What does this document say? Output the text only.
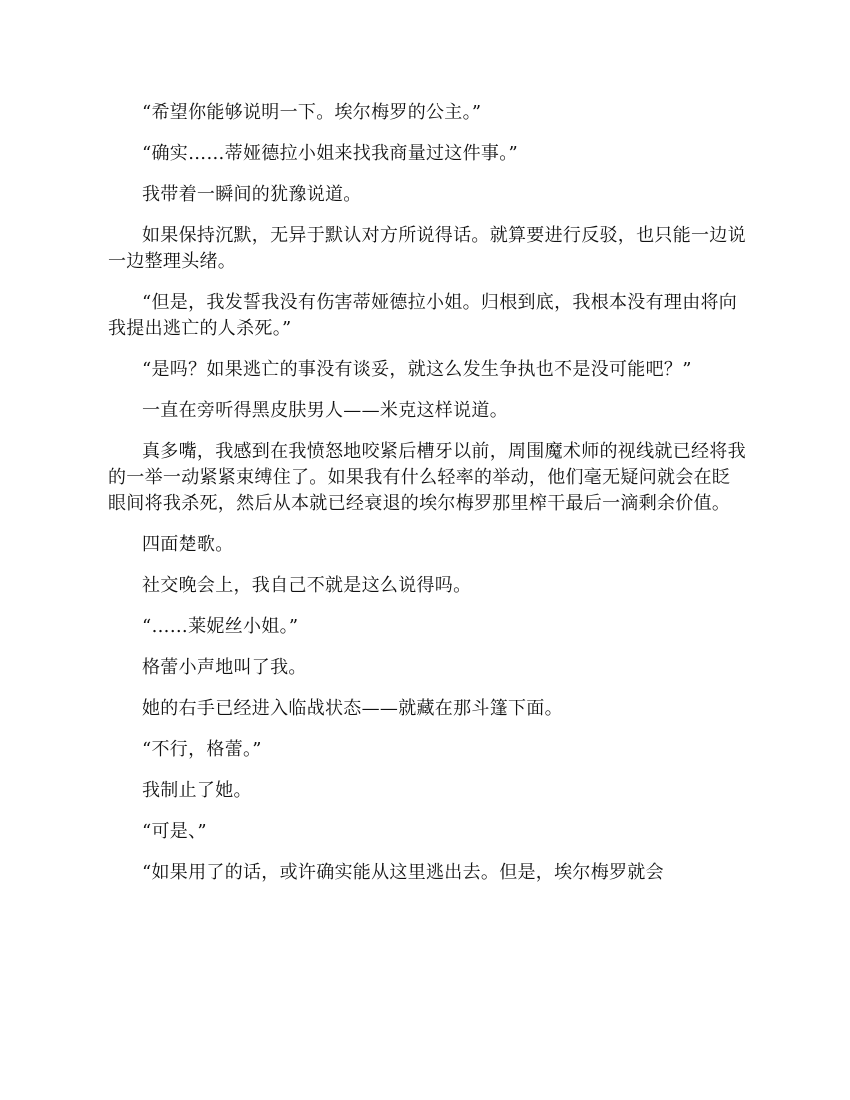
“希望你能够说明一下。埃尔梅罗的公主。”

“确实……蒂娅德拉小姐来找我商量过这件事。”

我带着一瞬间的犹豫说道。

如果保持沉默，无异于默认对方所说得话。就算要进行反驳，也只能一边说一边整理头绪。

“但是，我发誓我没有伤害蒂娅德拉小姐。归根到底，我根本没有理由将向我提出逃亡的人杀死。”

“是吗？如果逃亡的事没有谈妥，就这么发生争执也不是没可能吧？”

一直在旁听得黑皮肤男人——米克这样说道。

真多嘴，我感到在我愤怒地咬紧后槽牙以前，周围魔术师的视线就已经将我的一举一动紧紧束缚住了。如果我有什么轻率的举动，他们毫无疑问就会在眨眼间将我杀死，然后从本就已经衰退的埃尔梅罗那里榨干最后一滴剩余价值。

四面楚歌。

社交晚会上，我自己不就是这么说得吗。

“……莱妮丝小姐。”

格蕾小声地叫了我。

她的右手已经进入临战状态——就藏在那斗篷下面。

“不行，格蕾。”

我制止了她。

“可是、”

“如果用了的话，或许确实能从这里逃出去。但是，埃尔梅罗就会
